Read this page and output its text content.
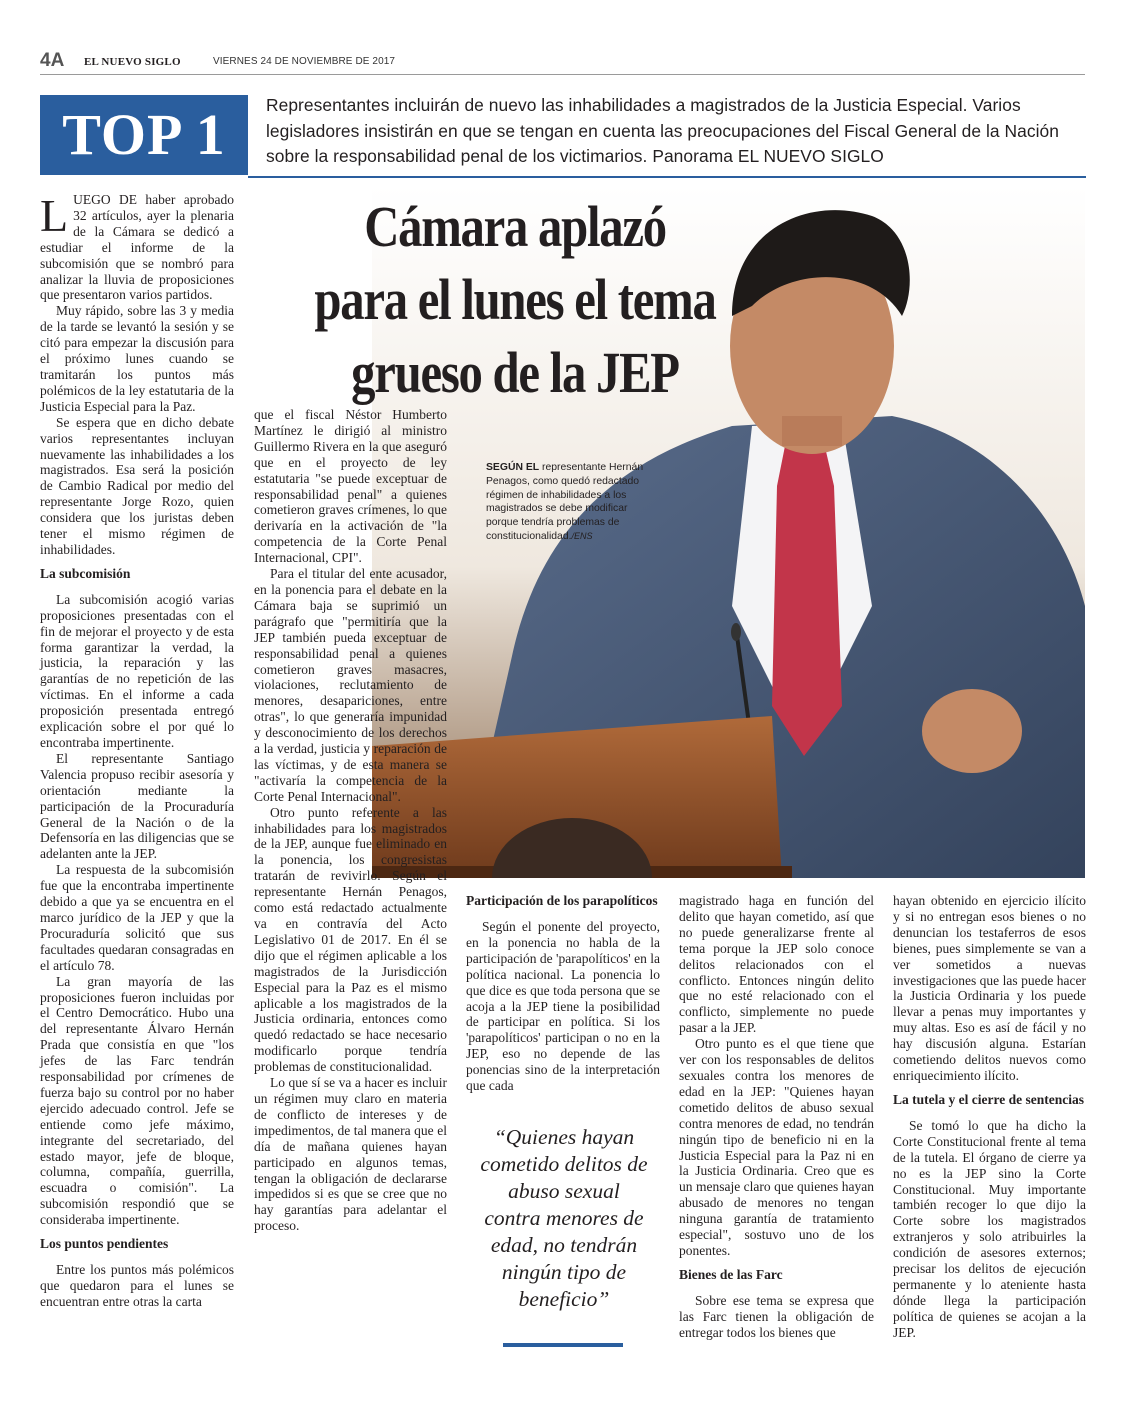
4A EL NUEVO SIGLO	VIERNES 24 DE NOVIEMBRE DE 2017
TOP 1	Representantes incluirán de nuevo las inhabilidades a magistrados de la Justicia Especial. Varios legisladores insistirán en que se tengan en cuenta las preocupaciones del Fiscal General de la Nación sobre la responsabilidad penal de los victimarios. Panorama EL NUEVO SIGLO
Cámara aplazó
para el lunes el tema
grueso de la JEP
SEGÚN EL representante Hernán Penagos, como quedó redactado régimen de inhabilidades a los magistrados se debe modificar porque tendría problemas de constitucionalidad./ENS

LUEGO DE haber aprobado 32 artículos, ayer la plenaria de la Cámara se dedicó a estudiar el informe de la subcomisión que se nombró para analizar la lluvia de proposiciones que presentaron varios partidos.

Muy rápido, sobre las 3 y media de la tarde se levantó la sesión y se citó para empezar la discusión para el próximo lunes cuando se tramitarán los puntos más polémicos de la ley estatutaria de la Justicia Especial para la Paz.

Se espera que en dicho debate varios representantes incluyan nuevamente las inhabilidades a los magistrados. Esa será la posición de Cambio Radical por medio del representante Jorge Rozo, quien considera que los juristas deben tener el mismo régimen de inhabilidades.

La subcomisión

La subcomisión acogió varias proposiciones presentadas con el fin de mejorar el proyecto y de esta forma garantizar la verdad, la justicia, la reparación y las garantías de no repetición de las víctimas. En el informe a cada proposición presentada entregó explicación sobre el por qué lo encontraba impertinente.

El representante Santiago Valencia propuso recibir asesoría y orientación mediante la participación de la Procuraduría General de la Nación o de la Defensoría en las diligencias que se adelanten ante la JEP.

La respuesta de la subcomisión fue que la encontraba impertinente debido a que ya se encuentra en el marco jurídico de la JEP y que la Procuraduría solicitó que sus facultades quedaran consagradas en el artículo 78.

La gran mayoría de las proposiciones fueron incluidas por el Centro Democrático. Hubo una del representante Álvaro Hernán Prada que consistía en que "los jefes de las Farc tendrán responsabilidad por crímenes de fuerza bajo su control por no haber ejercido adecuado control. Jefe se entiende como jefe máximo, integrante del secretariado, del estado mayor, jefe de bloque, columna, compañía, guerrilla, escuadra o comisión". La subcomisión respondió que se consideraba impertinente.

Los puntos pendientes

Entre los puntos más polémicos que quedaron para el lunes se encuentran entre otras la carta

que el fiscal Néstor Humberto Martínez le dirigió al ministro Guillermo Rivera en la que aseguró que en el proyecto de ley estatutaria "se puede exceptuar de responsabilidad penal" a quienes cometieron graves crímenes, lo que derivaría en la activación de "la competencia de la Corte Penal Internacional, CPI".

Para el titular del ente acusador, en la ponencia para el debate en la Cámara baja se suprimió un parágrafo que "permitiría que la JEP también pueda exceptuar de responsabilidad penal a quienes cometieron graves masacres, violaciones, reclutamiento de menores, desapariciones, entre otras", lo que generaría impunidad y desconocimiento de los derechos a la verdad, justicia y reparación de las víctimas, y de esta manera se "activaría la competencia de la Corte Penal Internacional".

Otro punto referente a las inhabilidades para los magistrados de la JEP, aunque fue eliminado en la ponencia, los congresistas tratarán de revivirlo. Según el representante Hernán Penagos, como está redactado actualmente va en contravía del Acto Legislativo 01 de 2017. En él se dijo que el régimen aplicable a los magistrados de la Jurisdicción Especial para la Paz es el mismo aplicable a los magistrados de la Justicia ordinaria, entonces como quedó redactado se hace necesario modificarlo porque tendría problemas de constitucionalidad.

Lo que sí se va a hacer es incluir un régimen muy claro en materia de conflicto de intereses y de impedimentos, de tal manera que el día de mañana quienes hayan participado en algunos temas, tengan la obligación de declararse impedidos si es que se cree que no hay garantías para adelantar el proceso.

Participación de los parapolíticos

Según el ponente del proyecto, en la ponencia no habla de la participación de 'parapolíticos' en la política nacional. La ponencia lo que dice es que toda persona que se acoja a la JEP tiene la posibilidad de participar en política. Si los 'parapolíticos' participan o no en la JEP, eso no depende de las ponencias sino de la interpretación que cada

“Quienes hayan cometido delitos de abuso sexual contra menores de edad, no tendrán ningún tipo de beneficio”

magistrado haga en función del delito que hayan cometido, así que no puede generalizarse frente al tema porque la JEP solo conoce delitos relacionados con el conflicto. Entonces ningún delito que no esté relacionado con el conflicto, simplemente no puede pasar a la JEP.

Otro punto es el que tiene que ver con los responsables de delitos sexuales contra los menores de edad en la JEP: "Quienes hayan cometido delitos de abuso sexual contra menores de edad, no tendrán ningún tipo de beneficio ni en la Justicia Especial para la Paz ni en la Justicia Ordinaria. Creo que es un mensaje claro que quienes hayan abusado de menores no tengan ninguna garantía de tratamiento especial", sostuvo uno de los ponentes.

Bienes de las Farc

Sobre ese tema se expresa que las Farc tienen la obligación de entregar todos los bienes que

hayan obtenido en ejercicio ilícito y si no entregan esos bienes o no denuncian los testaferros de esos bienes, pues simplemente se van a ver sometidos a nuevas investigaciones que las puede hacer la Justicia Ordinaria y los puede llevar a penas muy importantes y muy altas. Eso es así de fácil y no hay discusión alguna. Estarían cometiendo delitos nuevos como enriquecimiento ilícito.

La tutela y el cierre de sentencias

Se tomó lo que ha dicho la Corte Constitucional frente al tema de la tutela. El órgano de cierre ya no es la JEP sino la Corte Constitucional. Muy importante también recoger lo que dijo la Corte sobre los magistrados extranjeros y solo atribuirles la condición de asesores externos; precisar los delitos de ejecución permanente y lo ateniente hasta dónde llega la participación política de quienes se acojan a la JEP.
